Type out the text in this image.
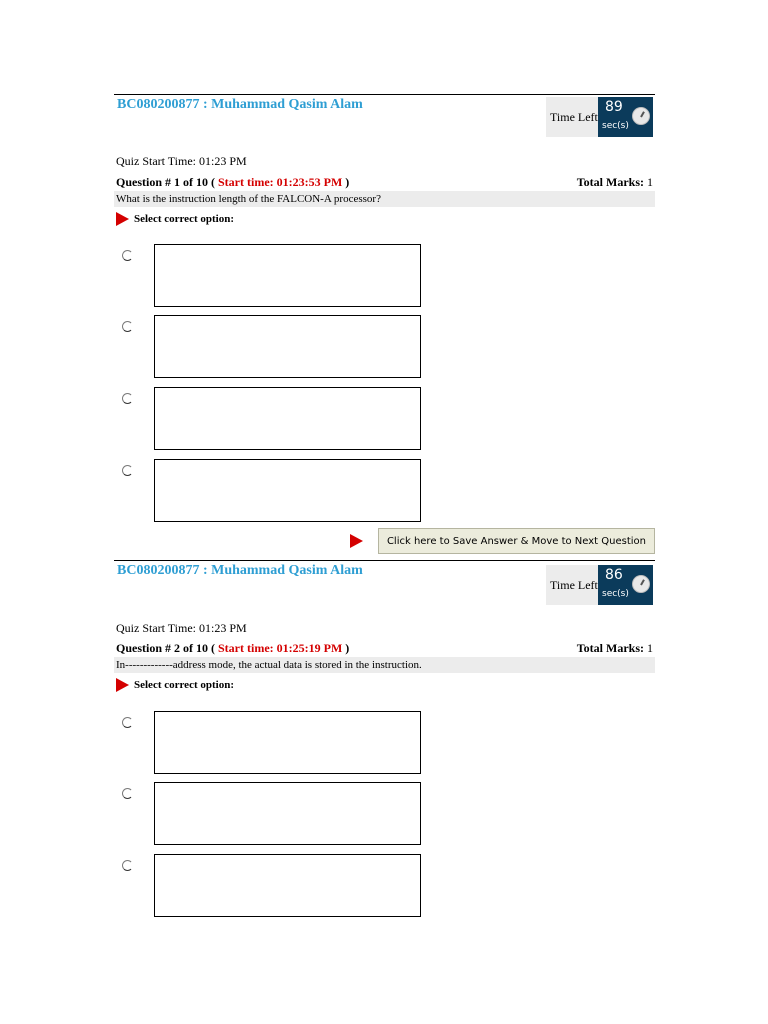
BC080200877 : Muhammad Qasim Alam
Time Left
89
sec(s)
Quiz Start Time: 01:23 PM
Question # 1 of 10 ( Start time: 01:23:53 PM )	Total Marks: 1
What is the instruction length of the FALCON-A processor?
Select correct option:
Click here to Save Answer & Move to Next Question
BC080200877 : Muhammad Qasim Alam
Time Left
86
sec(s)
Quiz Start Time: 01:23 PM
Question # 2 of 10 ( Start time: 01:25:19 PM )	Total Marks: 1
In-------------address mode, the actual data is stored in the instruction.
Select correct option:
